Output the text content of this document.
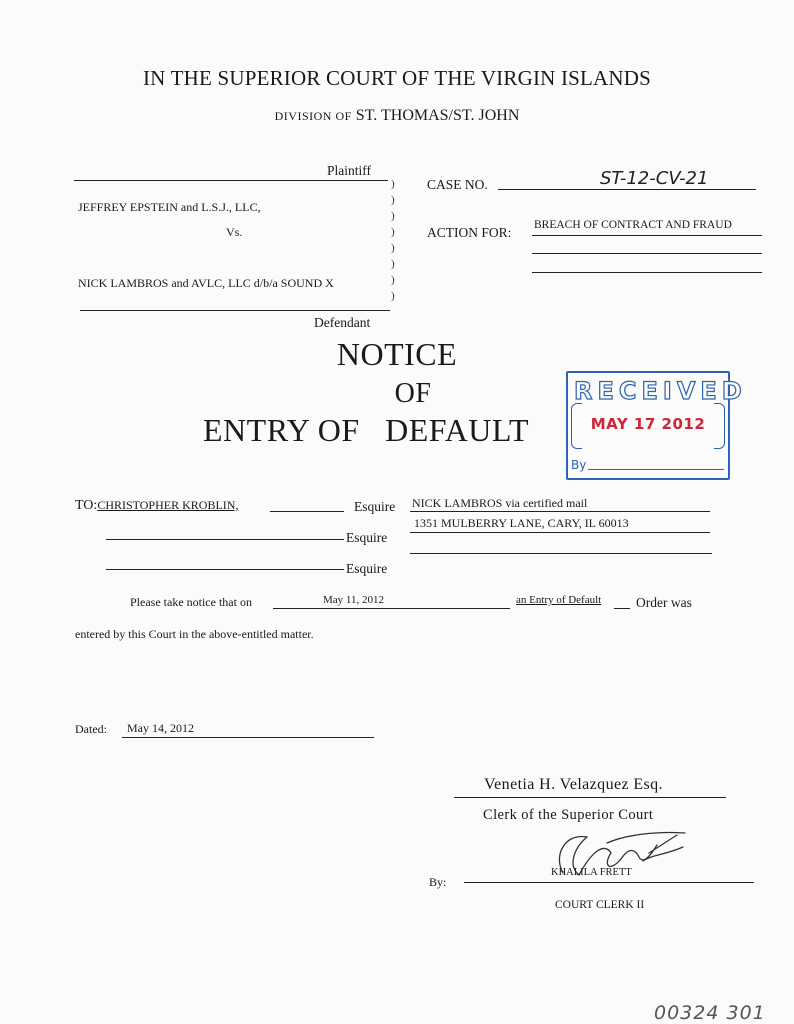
IN THE SUPERIOR COURT OF THE VIRGIN ISLANDS
DIVISION OF ST. THOMAS/ST. JOHN
Plaintiff
JEFFREY EPSTEIN and L.S.J., LLC,
Vs.
NICK LAMBROS and AVLC, LLC d/b/a SOUND X
Defendant
)
)
)
)
)
)
)
)
CASE NO.	ST-12-CV-21
ACTION FOR: BREACH OF CONTRACT AND FRAUD
NOTICE
OF
ENTRY OF   DEFAULT
RECEIVED
MAY 17 2012
By
TO:CHRISTOPHER KROBLIN,	Esquire
Esquire
Esquire
NICK LAMBROS via certified mail
1351 MULBERRY LANE, CARY, IL 60013
Please take notice that on	May 11, 2012	an Entry of Default	Order was
entered by this Court in the above-entitled matter.
Dated: May 14, 2012
Venetia H. Velazquez Esq.
Clerk of the Superior Court
By:
KHALILA FRETT
COURT CLERK II
00324 301
